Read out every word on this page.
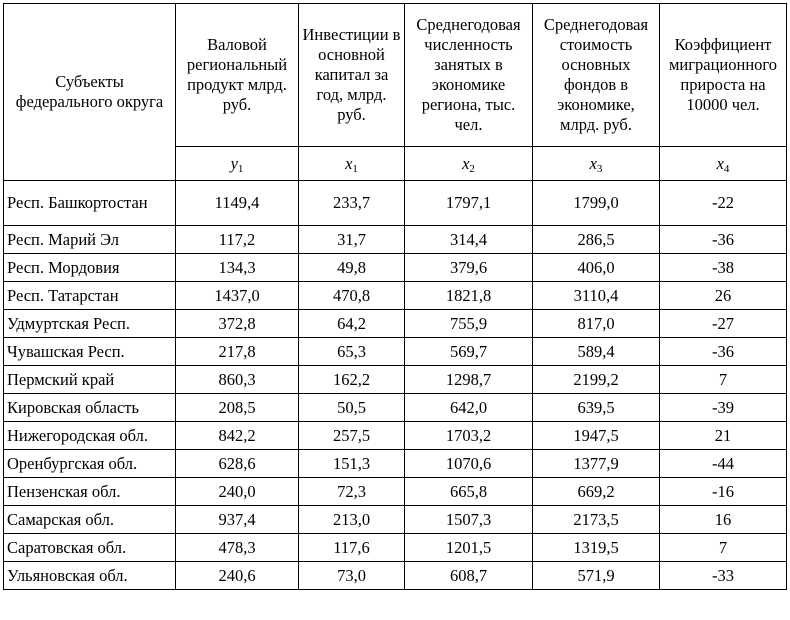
Субъекты федерального округа	Валовой региональный продукт млрд. руб.	Инвестиции в основной капитал за год, млрд. руб.	Среднегодовая численность занятых в экономике региона, тыс. чел.	Среднегодовая стоимость основных фондов в экономике, млрд. руб.	Коэффициент миграционного прироста на 10000 чел.
	$y_1$	$x_1$	$x_2$	$x_3$	$x_4$
Респ. Башкортостан	1149,4	233,7	1797,1	1799,0	-22
Респ. Марий Эл	117,2	31,7	314,4	286,5	-36
Респ. Мордовия	134,3	49,8	379,6	406,0	-38
Респ. Татарстан	1437,0	470,8	1821,8	3110,4	26
Удмуртская Респ.	372,8	64,2	755,9	817,0	-27
Чувашская Респ.	217,8	65,3	569,7	589,4	-36
Пермский край	860,3	162,2	1298,7	2199,2	7
Кировская область	208,5	50,5	642,0	639,5	-39
Нижегородская обл.	842,2	257,5	1703,2	1947,5	21
Оренбургская обл.	628,6	151,3	1070,6	1377,9	-44
Пензенская обл.	240,0	72,3	665,8	669,2	-16
Самарская обл.	937,4	213,0	1507,3	2173,5	16
Саратовская обл.	478,3	117,6	1201,5	1319,5	7
Ульяновская обл.	240,6	73,0	608,7	571,9	-33
